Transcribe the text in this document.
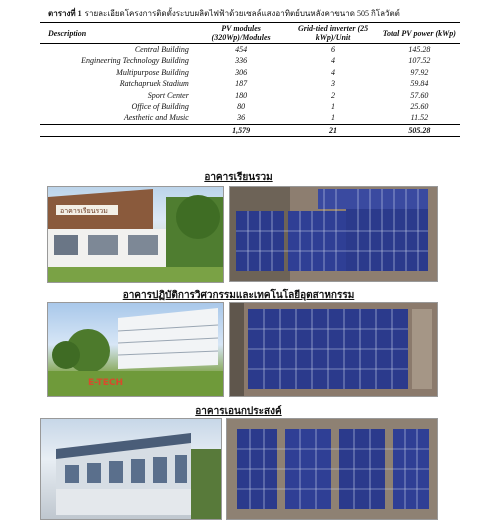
ตารางที่ 1 รายละเอียดโครงการติดตั้งระบบผลิตไฟฟ้าด้วยเซลล์แสงอาทิตย์บนหลังคาขนาด 505 กิโลวัตต์
Description	PV modules (320Wp)/Modules	Grid-tied inverter (25 kWp)/Unit	Total PV power (kWp)
Central Building	454	6	145.28
Engineering Technology Building	336	4	107.52
Multipurpose Building	306	4	97.92
Ratchapruek Stadium	187	3	59.84
Sport Center	180	2	57.60
Office of Building	80	1	25.60
Aesthetic and Music	36	1	11.52
	1,579	21	505.28
อาคารเรียนรวม
อาคารเรียนรวม
อาคารปฏิบัติการวิศวกรรมและเทคโนโลยีอุตสาหกรรม
E-TECH
อาคารเอนกประสงค์
